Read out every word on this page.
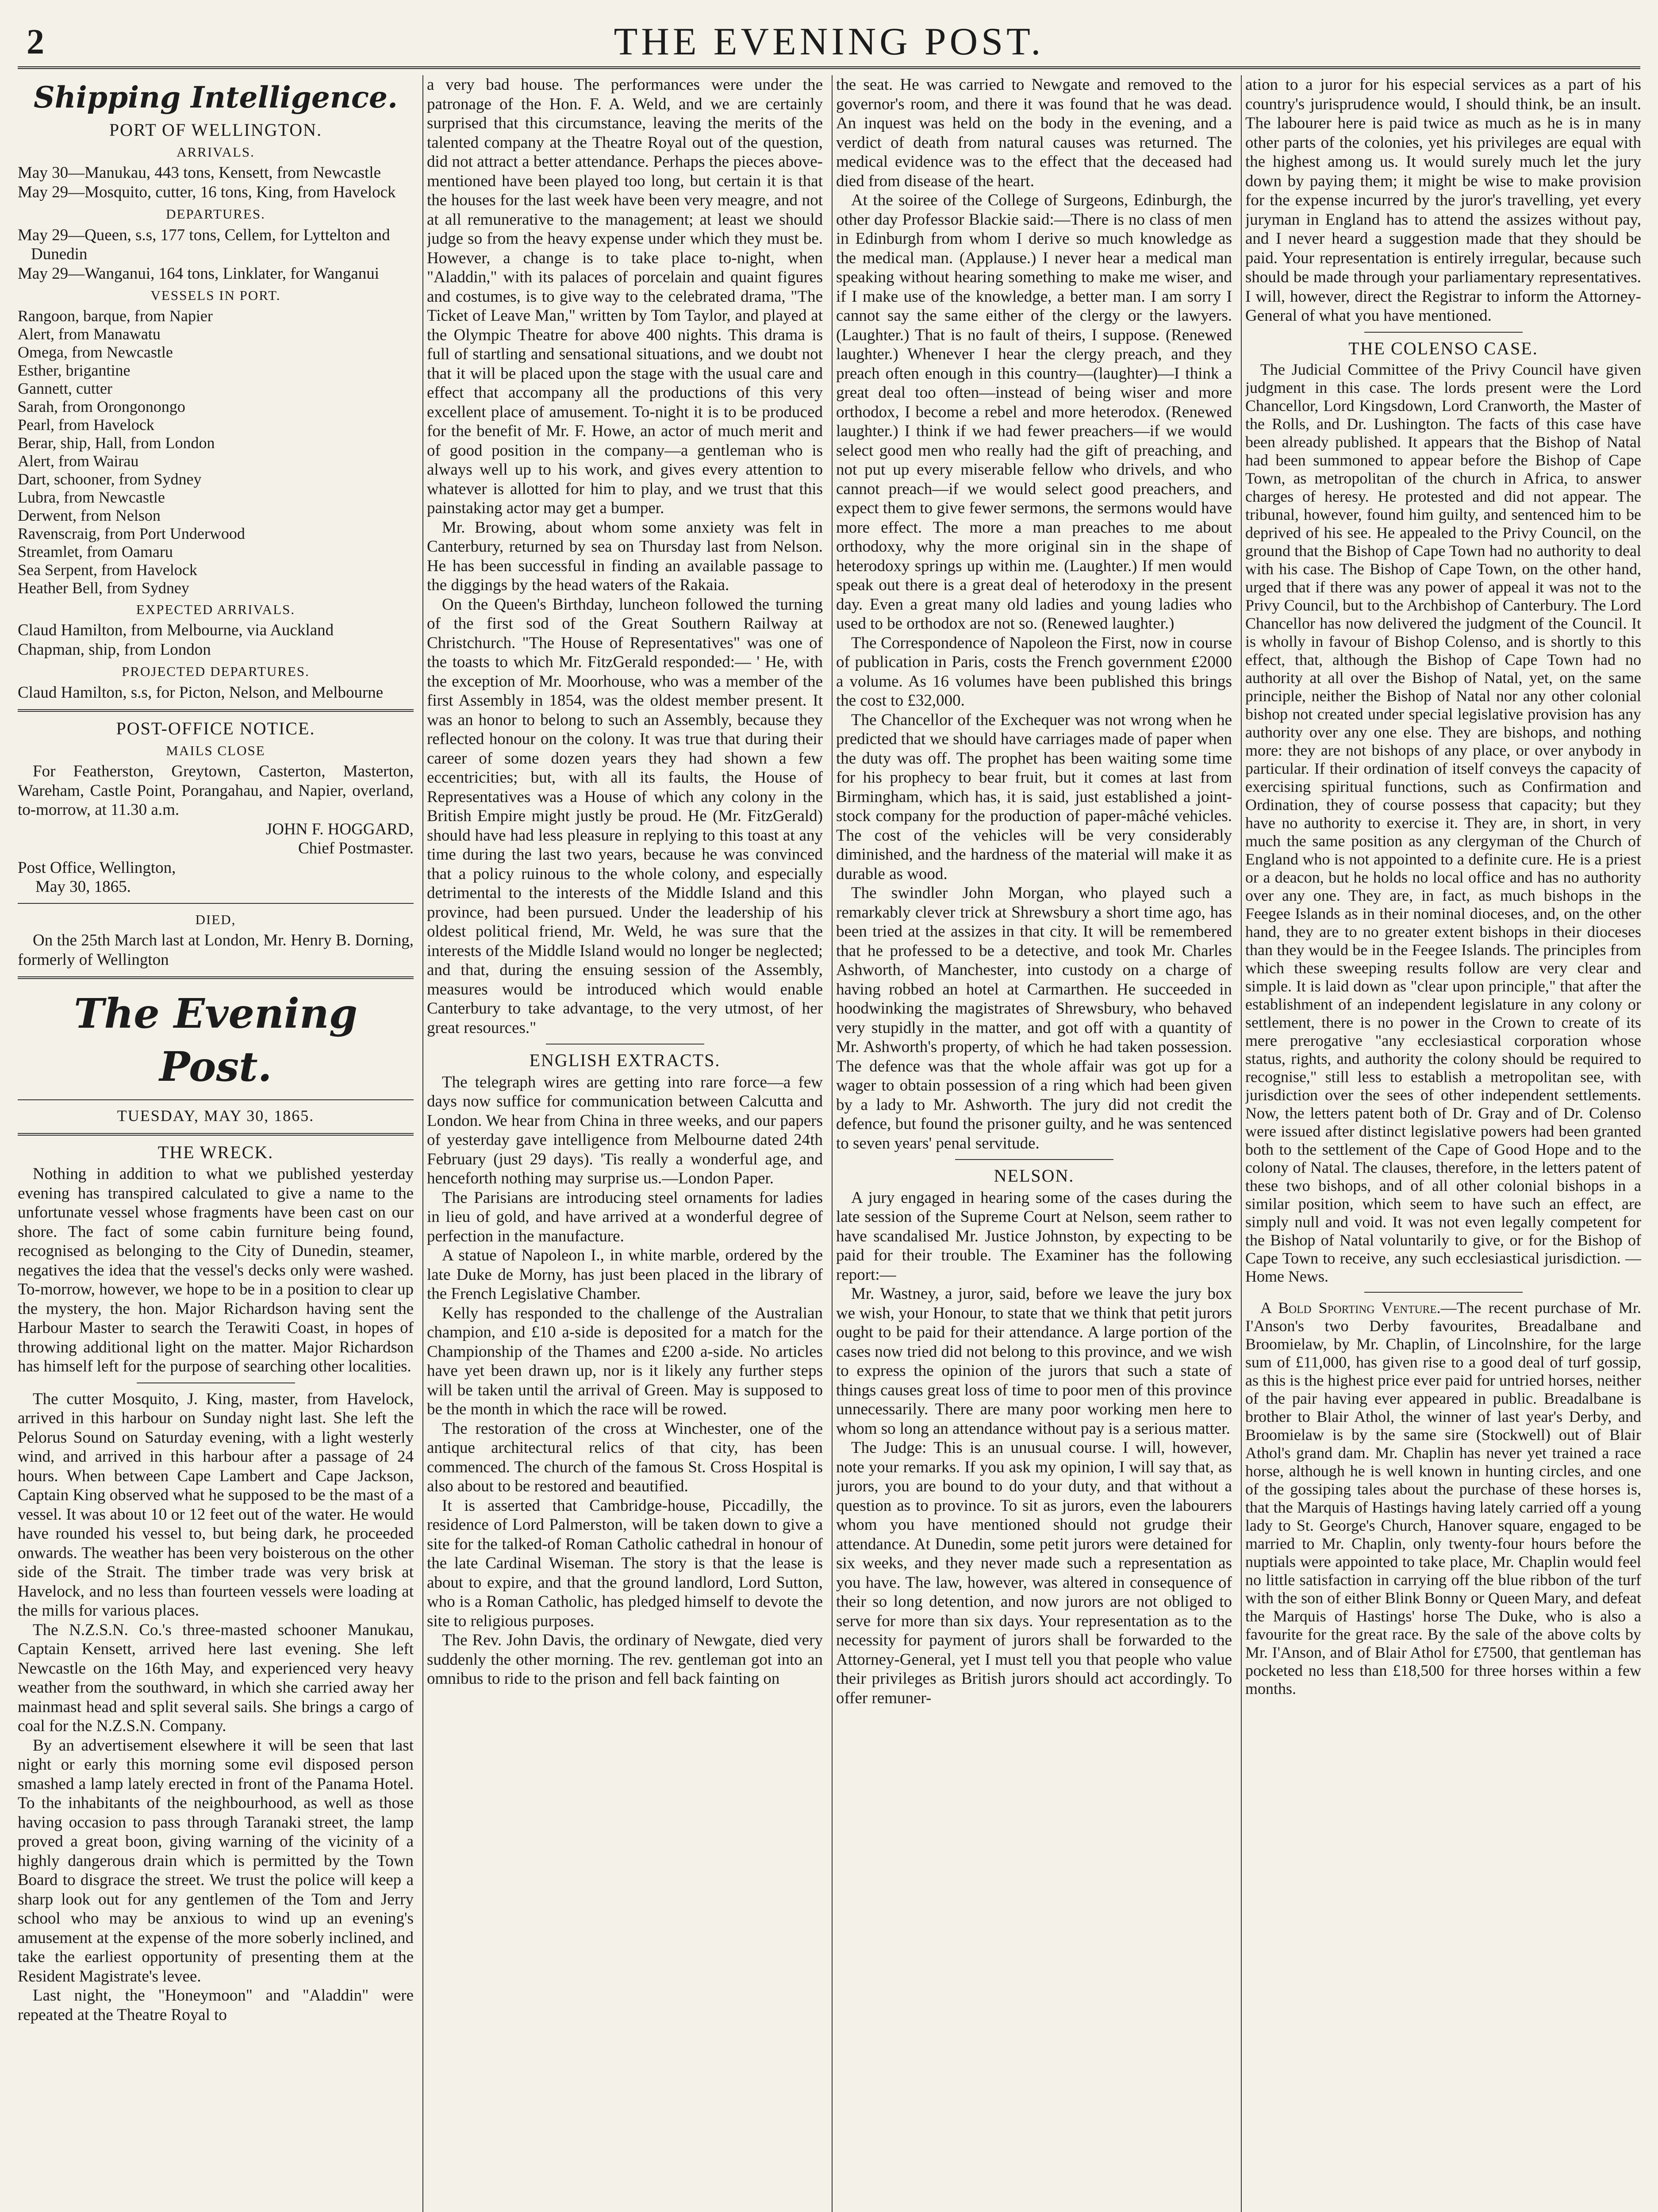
2	THE EVENING POST.
Shipping Intelligence.
PORT OF WELLINGTON.
ARRIVALS.
May 30—Manukau, 443 tons, Kensett, from Newcastle
May 29—Mosquito, cutter, 16 tons, King, from Havelock
DEPARTURES.
May 29—Queen, s.s, 177 tons, Cellem, for Lyttelton and Dunedin
May 29—Wanganui, 164 tons, Linklater, for Wanganui
VESSELS IN PORT.
Rangoon, barque, from Napier
Alert, from Manawatu
Omega, from Newcastle
Esther, brigantine
Gannett, cutter
Sarah, from Orongonongo
Pearl, from Havelock
Berar, ship, Hall, from London
Alert, from Wairau
Dart, schooner, from Sydney
Lubra, from Newcastle
Derwent, from Nelson
Ravenscraig, from Port Underwood
Streamlet, from Oamaru
Sea Serpent, from Havelock
Heather Bell, from Sydney
EXPECTED ARRIVALS.
Claud Hamilton, from Melbourne, via Auckland
Chapman, ship, from London
PROJECTED DEPARTURES.
Claud Hamilton, s.s, for Picton, Nelson, and Melbourne
POST-OFFICE NOTICE.
MAILS CLOSE

For Featherston, Greytown, Casterton, Masterton, Wareham, Castle Point, Porangahau, and Napier, overland, to-morrow, at 11.30 a.m.

JOHN F. HOGGARD,
Chief Postmaster.
Post Office, Wellington,
May 30, 1865.
DIED,

On the 25th March last at London, Mr. Henry B. Dorning, formerly of Wellington

The Evening Post.
TUESDAY, MAY 30, 1865.
THE WRECK.

Nothing in addition to what we published yesterday evening has transpired calculated to give a name to the unfortunate vessel whose fragments have been cast on our shore. The fact of some cabin furniture being found, recognised as belonging to the City of Dunedin, steamer, negatives the idea that the vessel's decks only were washed. To-morrow, however, we hope to be in a position to clear up the mystery, the hon. Major Richardson having sent the Harbour Master to search the Terawiti Coast, in hopes of throwing additional light on the matter. Major Richardson has himself left for the purpose of searching other localities.

The cutter Mosquito, J. King, master, from Havelock, arrived in this harbour on Sunday night last. She left the Pelorus Sound on Saturday evening, with a light westerly wind, and arrived in this harbour after a passage of 24 hours. When between Cape Lambert and Cape Jackson, Captain King observed what he supposed to be the mast of a vessel. It was about 10 or 12 feet out of the water. He would have rounded his vessel to, but being dark, he proceeded onwards. The weather has been very boisterous on the other side of the Strait. The timber trade was very brisk at Havelock, and no less than fourteen vessels were loading at the mills for various places.

The N.Z.S.N. Co.'s three-masted schooner Manukau, Captain Kensett, arrived here last evening. She left Newcastle on the 16th May, and experienced very heavy weather from the southward, in which she carried away her mainmast head and split several sails. She brings a cargo of coal for the N.Z.S.N. Company.

By an advertisement elsewhere it will be seen that last night or early this morning some evil disposed person smashed a lamp lately erected in front of the Panama Hotel. To the inhabitants of the neighbourhood, as well as those having occasion to pass through Taranaki street, the lamp proved a great boon, giving warning of the vicinity of a highly dangerous drain which is permitted by the Town Board to disgrace the street. We trust the police will keep a sharp look out for any gentlemen of the Tom and Jerry school who may be anxious to wind up an evening's amusement at the expense of the more soberly inclined, and take the earliest opportunity of presenting them at the Resident Magistrate's levee.

Last night, the "Honeymoon" and "Aladdin" were repeated at the Theatre Royal to

a very bad house. The performances were under the patronage of the Hon. F. A. Weld, and we are certainly surprised that this circumstance, leaving the merits of the talented company at the Theatre Royal out of the question, did not attract a better attendance. Perhaps the pieces above-mentioned have been played too long, but certain it is that the houses for the last week have been very meagre, and not at all remunerative to the management; at least we should judge so from the heavy expense under which they must be. However, a change is to take place to-night, when "Aladdin," with its palaces of porcelain and quaint figures and costumes, is to give way to the celebrated drama, "The Ticket of Leave Man," written by Tom Taylor, and played at the Olympic Theatre for above 400 nights. This drama is full of startling and sensational situations, and we doubt not that it will be placed upon the stage with the usual care and effect that accompany all the productions of this very excellent place of amusement. To-night it is to be produced for the benefit of Mr. F. Howe, an actor of much merit and of good position in the company—a gentleman who is always well up to his work, and gives every attention to whatever is allotted for him to play, and we trust that this painstaking actor may get a bumper.

Mr. Browing, about whom some anxiety was felt in Canterbury, returned by sea on Thursday last from Nelson. He has been successful in finding an available passage to the diggings by the head waters of the Rakaia.

On the Queen's Birthday, luncheon followed the turning of the first sod of the Great Southern Railway at Christchurch. "The House of Representatives" was one of the toasts to which Mr. FitzGerald responded:— ' He, with the exception of Mr. Moorhouse, who was a member of the first Assembly in 1854, was the oldest member present. It was an honor to belong to such an Assembly, because they reflected honour on the colony. It was true that during their career of some dozen years they had shown a few eccentricities; but, with all its faults, the House of Representatives was a House of which any colony in the British Empire might justly be proud. He (Mr. FitzGerald) should have had less pleasure in replying to this toast at any time during the last two years, because he was convinced that a policy ruinous to the whole colony, and especially detrimental to the interests of the Middle Island and this province, had been pursued. Under the leadership of his oldest political friend, Mr. Weld, he was sure that the interests of the Middle Island would no longer be neglected; and that, during the ensuing session of the Assembly, measures would be introduced which would enable Canterbury to take advantage, to the very utmost, of her great resources."

ENGLISH EXTRACTS.

The telegraph wires are getting into rare force—a few days now suffice for communication between Calcutta and London. We hear from China in three weeks, and our papers of yesterday gave intelligence from Melbourne dated 24th February (just 29 days). 'Tis really a wonderful age, and henceforth nothing may surprise us.—London Paper.

The Parisians are introducing steel ornaments for ladies in lieu of gold, and have arrived at a wonderful degree of perfection in the manufacture.

A statue of Napoleon I., in white marble, ordered by the late Duke de Morny, has just been placed in the library of the French Legislative Chamber.

Kelly has responded to the challenge of the Australian champion, and £10 a-side is deposited for a match for the Championship of the Thames and £200 a-side. No articles have yet been drawn up, nor is it likely any further steps will be taken until the arrival of Green. May is supposed to be the month in which the race will be rowed.

The restoration of the cross at Winchester, one of the antique architectural relics of that city, has been commenced. The church of the famous St. Cross Hospital is also about to be restored and beautified.

It is asserted that Cambridge-house, Piccadilly, the residence of Lord Palmerston, will be taken down to give a site for the talked-of Roman Catholic cathedral in honour of the late Cardinal Wiseman. The story is that the lease is about to expire, and that the ground landlord, Lord Sutton, who is a Roman Catholic, has pledged himself to devote the site to religious purposes.

The Rev. John Davis, the ordinary of Newgate, died very suddenly the other morning. The rev. gentleman got into an omnibus to ride to the prison and fell back fainting on

the seat. He was carried to Newgate and removed to the governor's room, and there it was found that he was dead. An inquest was held on the body in the evening, and a verdict of death from natural causes was returned. The medical evidence was to the effect that the deceased had died from disease of the heart.

At the soiree of the College of Surgeons, Edinburgh, the other day Professor Blackie said:—There is no class of men in Edinburgh from whom I derive so much knowledge as the medical man. (Applause.) I never hear a medical man speaking without hearing something to make me wiser, and if I make use of the knowledge, a better man. I am sorry I cannot say the same either of the clergy or the lawyers. (Laughter.) That is no fault of theirs, I suppose. (Renewed laughter.) Whenever I hear the clergy preach, and they preach often enough in this country—(laughter)—I think a great deal too often—instead of being wiser and more orthodox, I become a rebel and more heterodox. (Renewed laughter.) I think if we had fewer preachers—if we would select good men who really had the gift of preaching, and not put up every miserable fellow who drivels, and who cannot preach—if we would select good preachers, and expect them to give fewer sermons, the sermons would have more effect. The more a man preaches to me about orthodoxy, why the more original sin in the shape of heterodoxy springs up within me. (Laughter.) If men would speak out there is a great deal of heterodoxy in the present day. Even a great many old ladies and young ladies who used to be orthodox are not so. (Renewed laughter.)

The Correspondence of Napoleon the First, now in course of publication in Paris, costs the French government £2000 a volume. As 16 volumes have been published this brings the cost to £32,000.

The Chancellor of the Exchequer was not wrong when he predicted that we should have carriages made of paper when the duty was off. The prophet has been waiting some time for his prophecy to bear fruit, but it comes at last from Birmingham, which has, it is said, just established a joint-stock company for the production of paper-mâché vehicles. The cost of the vehicles will be very considerably diminished, and the hardness of the material will make it as durable as wood.

The swindler John Morgan, who played such a remarkably clever trick at Shrewsbury a short time ago, has been tried at the assizes in that city. It will be remembered that he professed to be a detective, and took Mr. Charles Ashworth, of Manchester, into custody on a charge of having robbed an hotel at Carmarthen. He succeeded in hoodwinking the magistrates of Shrewsbury, who behaved very stupidly in the matter, and got off with a quantity of Mr. Ashworth's property, of which he had taken possession. The defence was that the whole affair was got up for a wager to obtain possession of a ring which had been given by a lady to Mr. Ashworth. The jury did not credit the defence, but found the prisoner guilty, and he was sentenced to seven years' penal servitude.

NELSON.

A jury engaged in hearing some of the cases during the late session of the Supreme Court at Nelson, seem rather to have scandalised Mr. Justice Johnston, by expecting to be paid for their trouble. The Examiner has the following report:—

Mr. Wastney, a juror, said, before we leave the jury box we wish, your Honour, to state that we think that petit jurors ought to be paid for their attendance. A large portion of the cases now tried did not belong to this province, and we wish to express the opinion of the jurors that such a state of things causes great loss of time to poor men of this province unnecessarily. There are many poor working men here to whom so long an attendance without pay is a serious matter.

The Judge: This is an unusual course. I will, however, note your remarks. If you ask my opinion, I will say that, as jurors, you are bound to do your duty, and that without a question as to province. To sit as jurors, even the labourers whom you have mentioned should not grudge their attendance. At Dunedin, some petit jurors were detained for six weeks, and they never made such a representation as you have. The law, however, was altered in consequence of their so long detention, and now jurors are not obliged to serve for more than six days. Your representation as to the necessity for payment of jurors shall be forwarded to the Attorney-General, yet I must tell you that people who value their privileges as British jurors should act accordingly. To offer remuner-

ation to a juror for his especial services as a part of his country's jurisprudence would, I should think, be an insult. The labourer here is paid twice as much as he is in many other parts of the colonies, yet his privileges are equal with the highest among us. It would surely much let the jury down by paying them; it might be wise to make provision for the expense incurred by the juror's travelling, yet every juryman in England has to attend the assizes without pay, and I never heard a suggestion made that they should be paid. Your representation is entirely irregular, because such should be made through your parliamentary representatives. I will, however, direct the Registrar to inform the Attorney-General of what you have mentioned.

THE COLENSO CASE.

The Judicial Committee of the Privy Council have given judgment in this case. The lords present were the Lord Chancellor, Lord Kingsdown, Lord Cranworth, the Master of the Rolls, and Dr. Lushington. The facts of this case have been already published. It appears that the Bishop of Natal had been summoned to appear before the Bishop of Cape Town, as metropolitan of the church in Africa, to answer charges of heresy. He protested and did not appear. The tribunal, however, found him guilty, and sentenced him to be deprived of his see. He appealed to the Privy Council, on the ground that the Bishop of Cape Town had no authority to deal with his case. The Bishop of Cape Town, on the other hand, urged that if there was any power of appeal it was not to the Privy Council, but to the Archbishop of Canterbury. The Lord Chancellor has now delivered the judgment of the Council. It is wholly in favour of Bishop Colenso, and is shortly to this effect, that, although the Bishop of Cape Town had no authority at all over the Bishop of Natal, yet, on the same principle, neither the Bishop of Natal nor any other colonial bishop not created under special legislative provision has any authority over any one else. They are bishops, and nothing more: they are not bishops of any place, or over anybody in particular. If their ordination of itself conveys the capacity of exercising spiritual functions, such as Confirmation and Ordination, they of course possess that capacity; but they have no authority to exercise it. They are, in short, in very much the same position as any clergyman of the Church of England who is not appointed to a definite cure. He is a priest or a deacon, but he holds no local office and has no authority over any one. They are, in fact, as much bishops in the Feegee Islands as in their nominal dioceses, and, on the other hand, they are to no greater extent bishops in their dioceses than they would be in the Feegee Islands. The principles from which these sweeping results follow are very clear and simple. It is laid down as "clear upon principle," that after the establishment of an independent legislature in any colony or settlement, there is no power in the Crown to create of its mere prerogative "any ecclesiastical corporation whose status, rights, and authority the colony should be required to recognise," still less to establish a metropolitan see, with jurisdiction over the sees of other independent settlements. Now, the letters patent both of Dr. Gray and of Dr. Colenso were issued after distinct legislative powers had been granted both to the settlement of the Cape of Good Hope and to the colony of Natal. The clauses, therefore, in the letters patent of these two bishops, and of all other colonial bishops in a similar position, which seem to have such an effect, are simply null and void. It was not even legally competent for the Bishop of Natal voluntarily to give, or for the Bishop of Cape Town to receive, any such ecclesiastical jurisdiction. — Home News.

A Bold Sporting Venture.—The recent purchase of Mr. I'Anson's two Derby favourites, Breadalbane and Broomielaw, by Mr. Chaplin, of Lincolnshire, for the large sum of £11,000, has given rise to a good deal of turf gossip, as this is the highest price ever paid for untried horses, neither of the pair having ever appeared in public. Breadalbane is brother to Blair Athol, the winner of last year's Derby, and Broomielaw is by the same sire (Stockwell) out of Blair Athol's grand dam. Mr. Chaplin has never yet trained a race horse, although he is well known in hunting circles, and one of the gossiping tales about the purchase of these horses is, that the Marquis of Hastings having lately carried off a young lady to St. George's Church, Hanover square, engaged to be married to Mr. Chaplin, only twenty-four hours before the nuptials were appointed to take place, Mr. Chaplin would feel no little satisfaction in carrying off the blue ribbon of the turf with the son of either Blink Bonny or Queen Mary, and defeat the Marquis of Hastings' horse The Duke, who is also a favourite for the great race. By the sale of the above colts by Mr. I'Anson, and of Blair Athol for £7500, that gentleman has pocketed no less than £18,500 for three horses within a few months.
